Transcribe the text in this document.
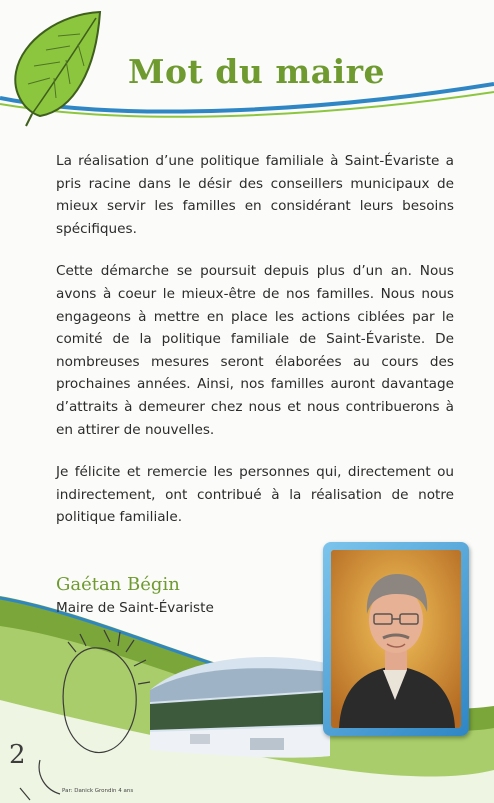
Mot du maire

La réalisation d’une politique familiale à Saint-Évariste a pris racine dans le désir des conseillers municipaux de mieux servir les familles en considérant leurs besoins spécifiques.

Cette démarche se poursuit depuis plus d’un an. Nous avons à coeur le mieux-être de nos familles. Nous nous engageons à mettre en place les actions ciblées par le comité de la politique familiale de Saint-Évariste. De nombreuses mesures seront élaborées au cours des prochaines années. Ainsi, nos familles auront davantage d’attraits à demeurer chez nous et nous contribuerons à en attirer de nouvelles.

Je félicite et remercie les personnes qui, directement ou indirectement, ont contribué à la réalisation de notre politique familiale.

Gaétan Bégin

Maire de Saint-Évariste

2

Par: Danick Grondin 4 ans
